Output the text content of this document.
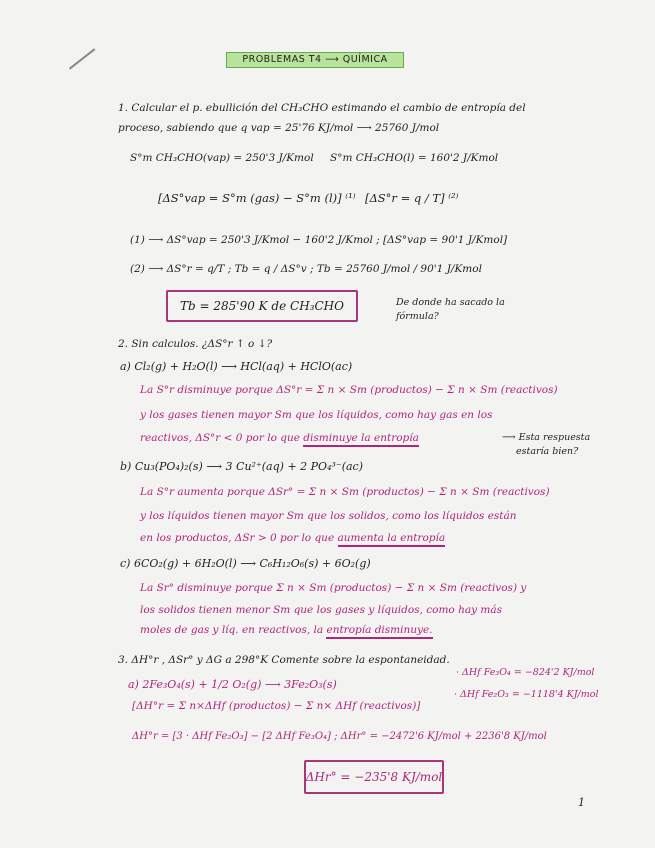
PROBLEMAS T4 ⟶ QUÍMICA
1. Calcular el p. ebullición del CH₃CHO estimando el cambio de entropía del
proceso, sabiendo que q vap = 25'76 KJ/mol ⟶ 25760 J/mol
S°m CH₃CHO(vap) = 250'3 J/Kmol S°m CH₃CHO(l) = 160'2 J/Kmol
[ΔS°vap = S°m (gas) − S°m (l)] ⁽¹⁾ [ΔS°r = q / T] ⁽²⁾
(1) ⟶ ΔS°vap = 250'3 J/Kmol − 160'2 J/Kmol ; [ΔS°vap = 90'1 J/Kmol]
(2) ⟶ ΔS°r = q/T ; Tb = q / ΔS°v ; Tb = 25760 J/mol / 90'1 J/Kmol
Tb = 285'90 K de CH₃CHO	De donde ha sacado la fórmula?
2. Sin calculos. ¿ΔS°r ↑ o ↓?
a) Cl₂(g) + H₂O(l) ⟶ HCl(aq) + HClO(ac)
La S°r disminuye porque ΔS°r = Σ n × Sm (productos) − Σ n × Sm (reactivos)
y los gases tienen mayor Sm que los líquidos, como hay gas en los
reactivos, ΔS°r < 0 por lo que disminuye la entropía	⟶ Esta respuesta
estaría bien?
b) Cu₃(PO₄)₂(s) ⟶ 3 Cu²⁺(aq) + 2 PO₄³⁻(ac)
La S°r aumenta porque ΔSr° = Σ n × Sm (productos) − Σ n × Sm (reactivos)
y los líquidos tienen mayor Sm que los solidos, como los líquidos están
en los productos, ΔSr > 0 por lo que aumenta la entropía
c) 6CO₂(g) + 6H₂O(l) ⟶ C₆H₁₂O₆(s) + 6O₂(g)
La Sr° disminuye porque Σ n × Sm (productos) − Σ n × Sm (reactivos) y
los solidos tienen menor Sm que los gases y líquidos, como hay más
moles de gas y líq. en reactivos, la entropía disminuye.
3. ΔH°r , ΔSr° y ΔG a 298°K Comente sobre la espontaneidad.
· ΔHf Fe₃O₄ = −824'2 KJ/mol
· ΔHf Fe₂O₃ = −1118'4 KJ/mol
a) 2Fe₃O₄(s) + 1/2 O₂(g) ⟶ 3Fe₂O₃(s)
[ΔH°r = Σ n×ΔHf (productos) − Σ n× ΔHf (reactivos)]
ΔH°r = [3 · ΔHf Fe₂O₃] − [2 ΔHf Fe₃O₄] ; ΔHr° = −2472'6 KJ/mol + 2236'8 KJ/mol
ΔHr° = −235'8 KJ/mol
1
